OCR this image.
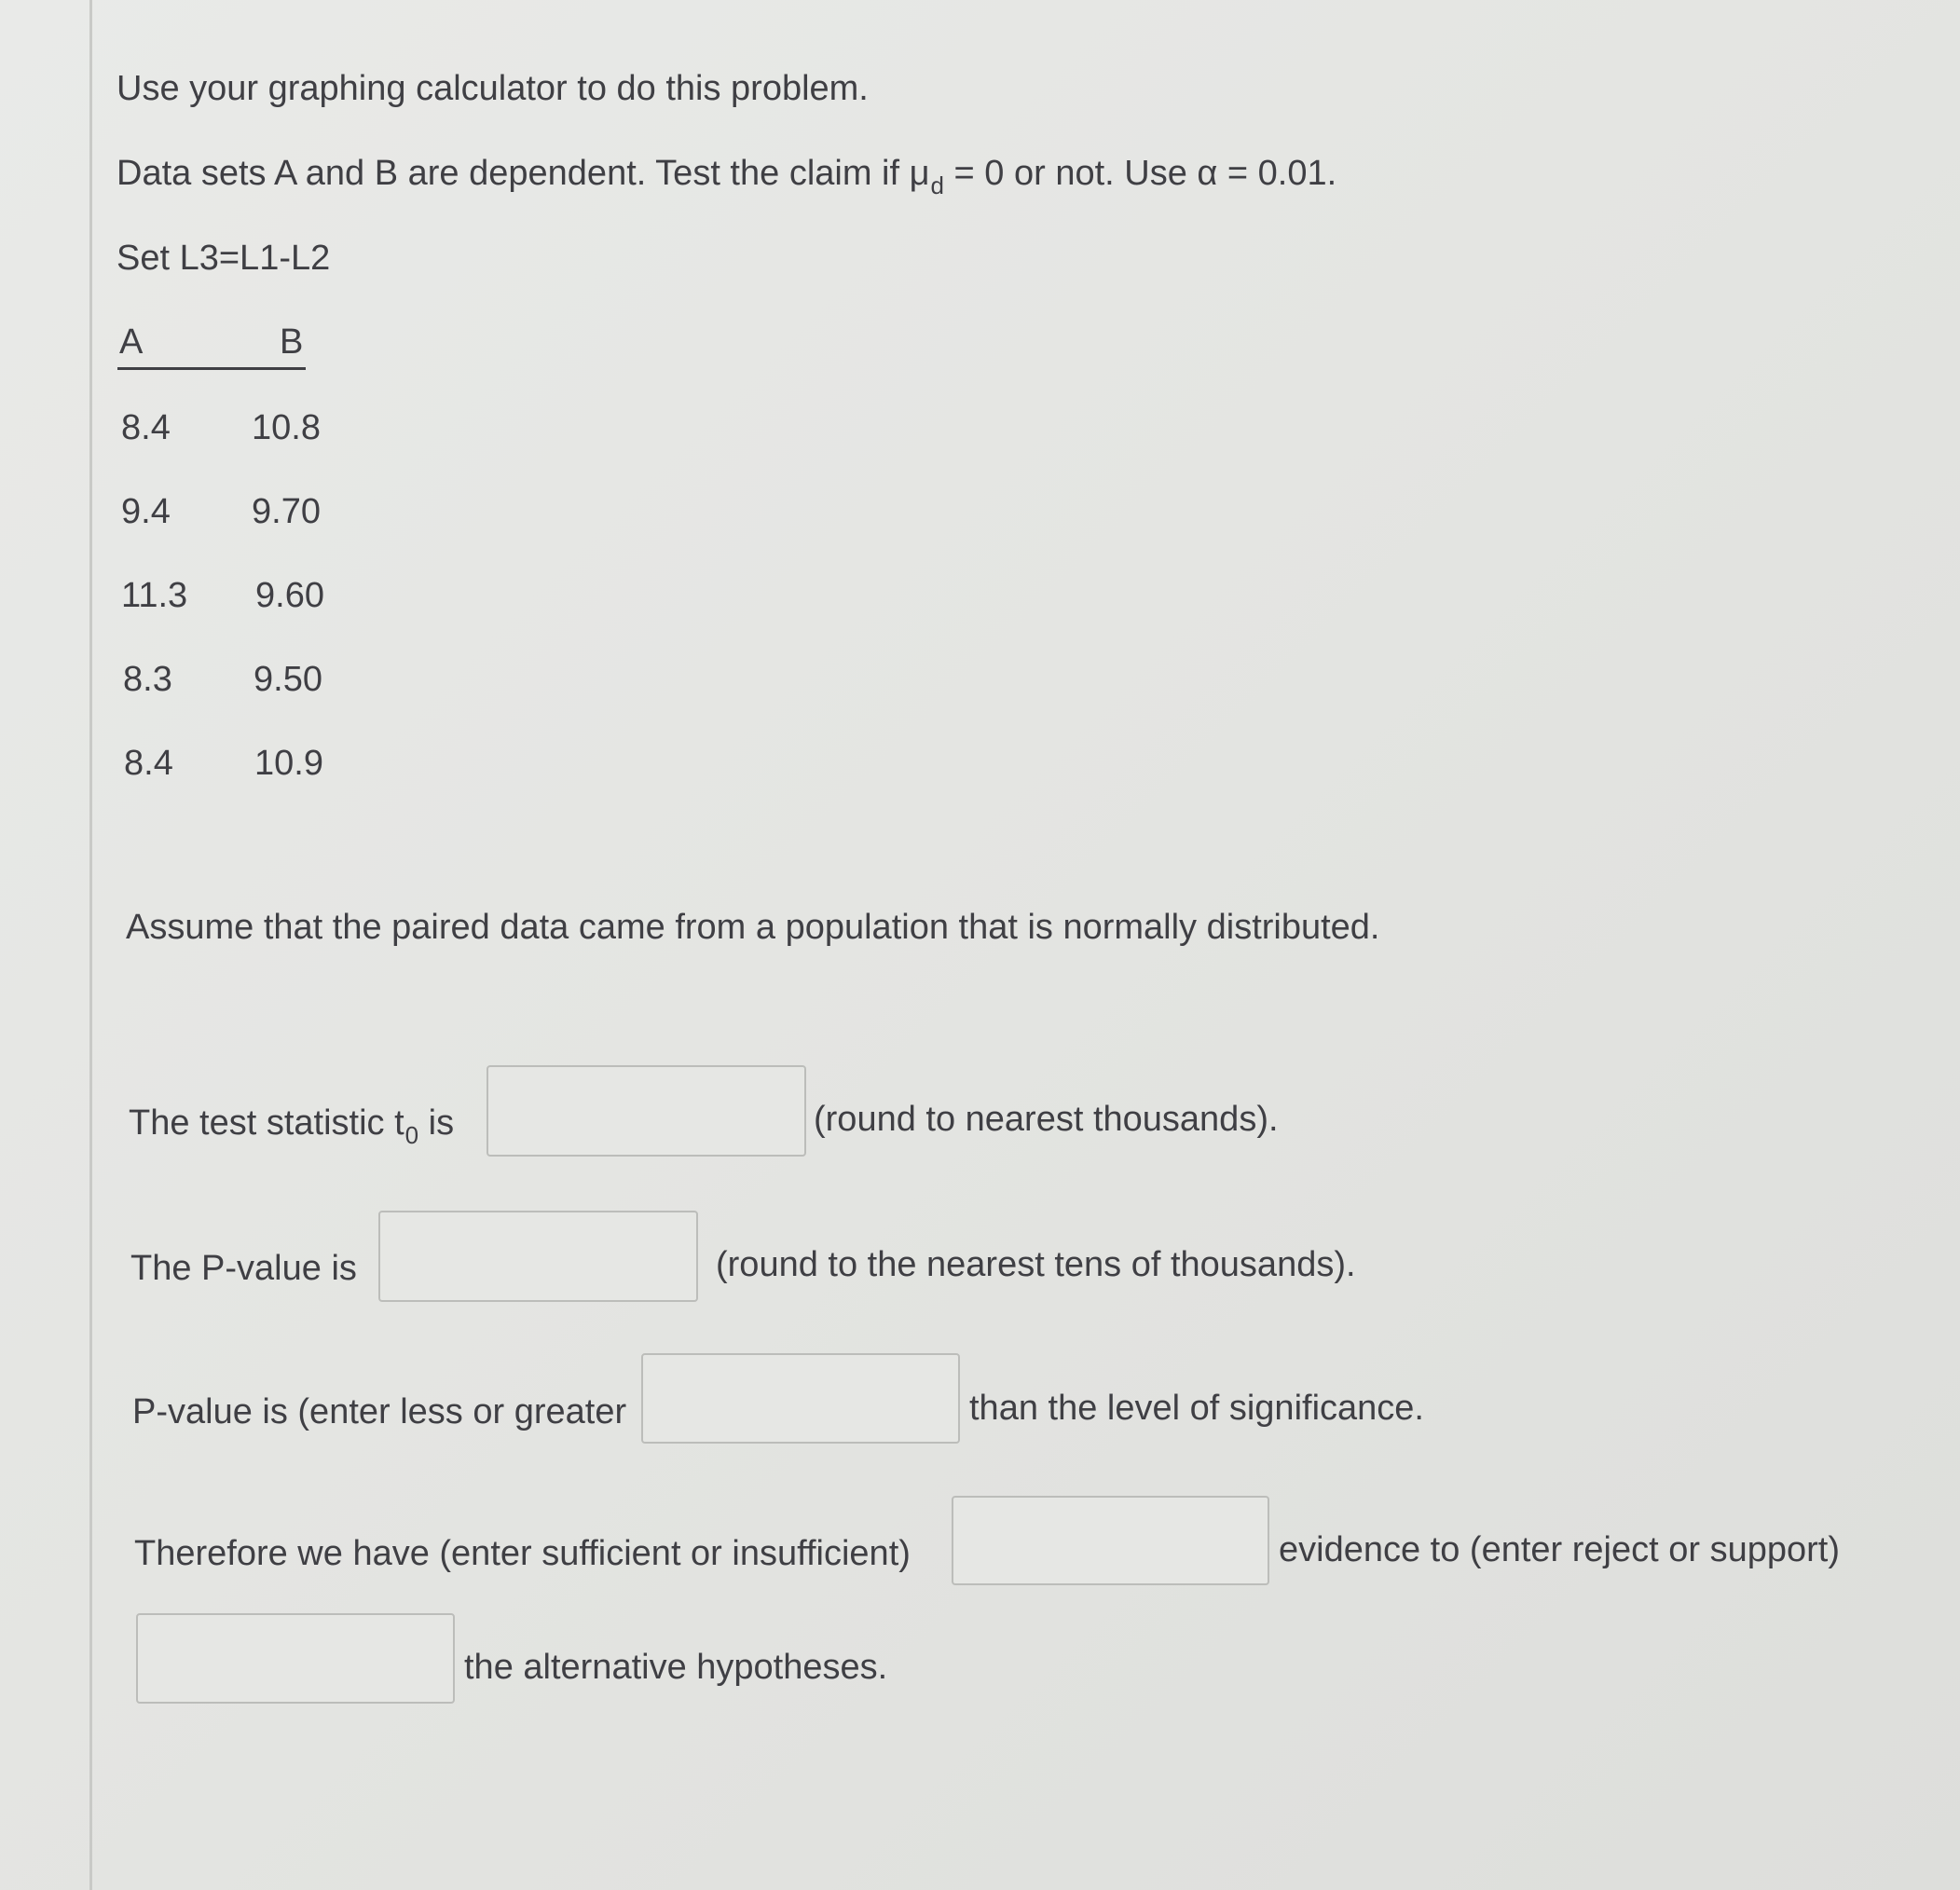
Use your graphing calculator to do this problem.
Data sets A and B are dependent. Test the claim if $\mu_d = 0$ or not. Use α = 0.01.
Set L3=L1-L2
A	B
8.4 10.8
9.4 9.70
11.3 9.60
8.3 9.50
8.4 10.9
Assume that the paired data came from a population that is normally distributed.
The test statistic $t_0$ is	(round to nearest thousands).
The P-value is	(round to the nearest tens of thousands).
P-value is (enter less or greater	than the level of significance.
Therefore we have (enter sufficient or insufficient)	evidence to (enter reject or support)
the alternative hypotheses.
